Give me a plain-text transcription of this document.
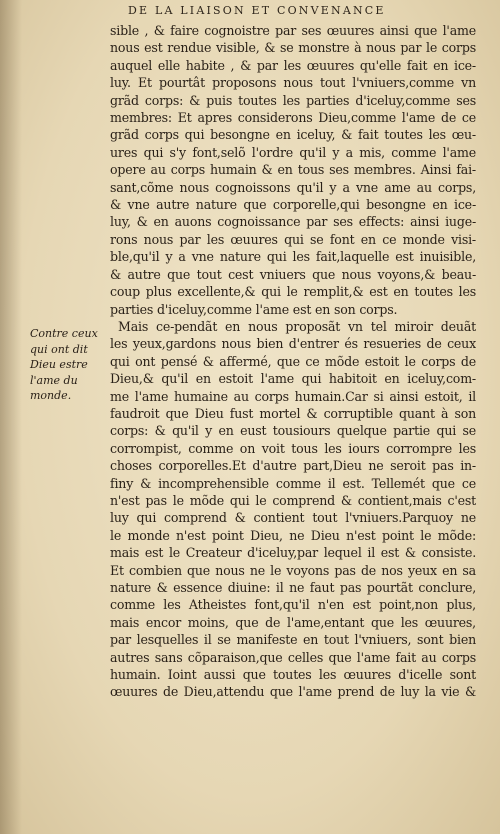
DE LA LIAISON ET CONVENANCE
Contre ceux
qui ont dit
Dieu estre
l'ame du
monde.
sible , & faire cognoistre par ses œuures ainsi que l'ame
nous est rendue visible, & se monstre à nous par le corps
auquel elle habite , & par les œuures qu'elle fait en ice-
luy. Et pourtât proposons nous tout l'vniuers,comme vn
grãd corps: & puis toutes les parties d'iceluy,comme ses
membres: Et apres considerons Dieu,comme l'ame de ce
grãd corps qui besongne en iceluy, & fait toutes les œu-
ures qui s'y font,selõ l'ordre qu'il y a mis, comme l'ame
opere au corps humain & en tous ses membres. Ainsi fai-
sant,cõme nous cognoissons qu'il y a vne ame au corps,
& vne autre nature que corporelle,qui besongne en ice-
luy, & en auons cognoissance par ses effects: ainsi iuge-
rons nous par les œuures qui se font en ce monde visi-
ble,qu'il y a vne nature qui les fait,laquelle est inuisible,
& autre que tout cest vniuers que nous voyons,& beau-
coup plus excellente,& qui le remplit,& est en toutes les
parties d'iceluy,comme l'ame est en son corps.
Mais ce-pendãt en nous proposãt vn tel miroir deuãt
les yeux,gardons nous bien d'entrer és resueries de ceux
qui ont pensé & affermé, que ce mõde estoit le corps de
Dieu,& qu'il en estoit l'ame qui habitoit en iceluy,com-
me l'ame humaine au corps humain.Car si ainsi estoit, il
faudroit que Dieu fust mortel & corruptible quant à son
corps: & qu'il y en eust tousiours quelque partie qui se
corrompist, comme on voit tous les iours corrompre les
choses corporelles.Et d'autre part,Dieu ne seroit pas in-
finy & incomprehensible comme il est. Tellemét que ce
n'est pas le mõde qui le comprend & contient,mais c'est
luy qui comprend & contient tout l'vniuers.Parquoy ne
le monde n'est point Dieu, ne Dieu n'est point le mõde:
mais est le Createur d'iceluy,par lequel il est & consiste.
Et combien que nous ne le voyons pas de nos yeux en sa
nature & essence diuine: il ne faut pas pourtãt conclure,
comme les Atheistes font,qu'il n'en est point,non plus,
mais encor moins, que de l'ame,entant que les œuures,
par lesquelles il se manifeste en tout l'vniuers, sont bien
autres sans cõparaison,que celles que l'ame fait au corps
humain. Ioint aussi que toutes les œuures d'icelle sont
œuures de Dieu,attendu que l'ame prend de luy la vie &
